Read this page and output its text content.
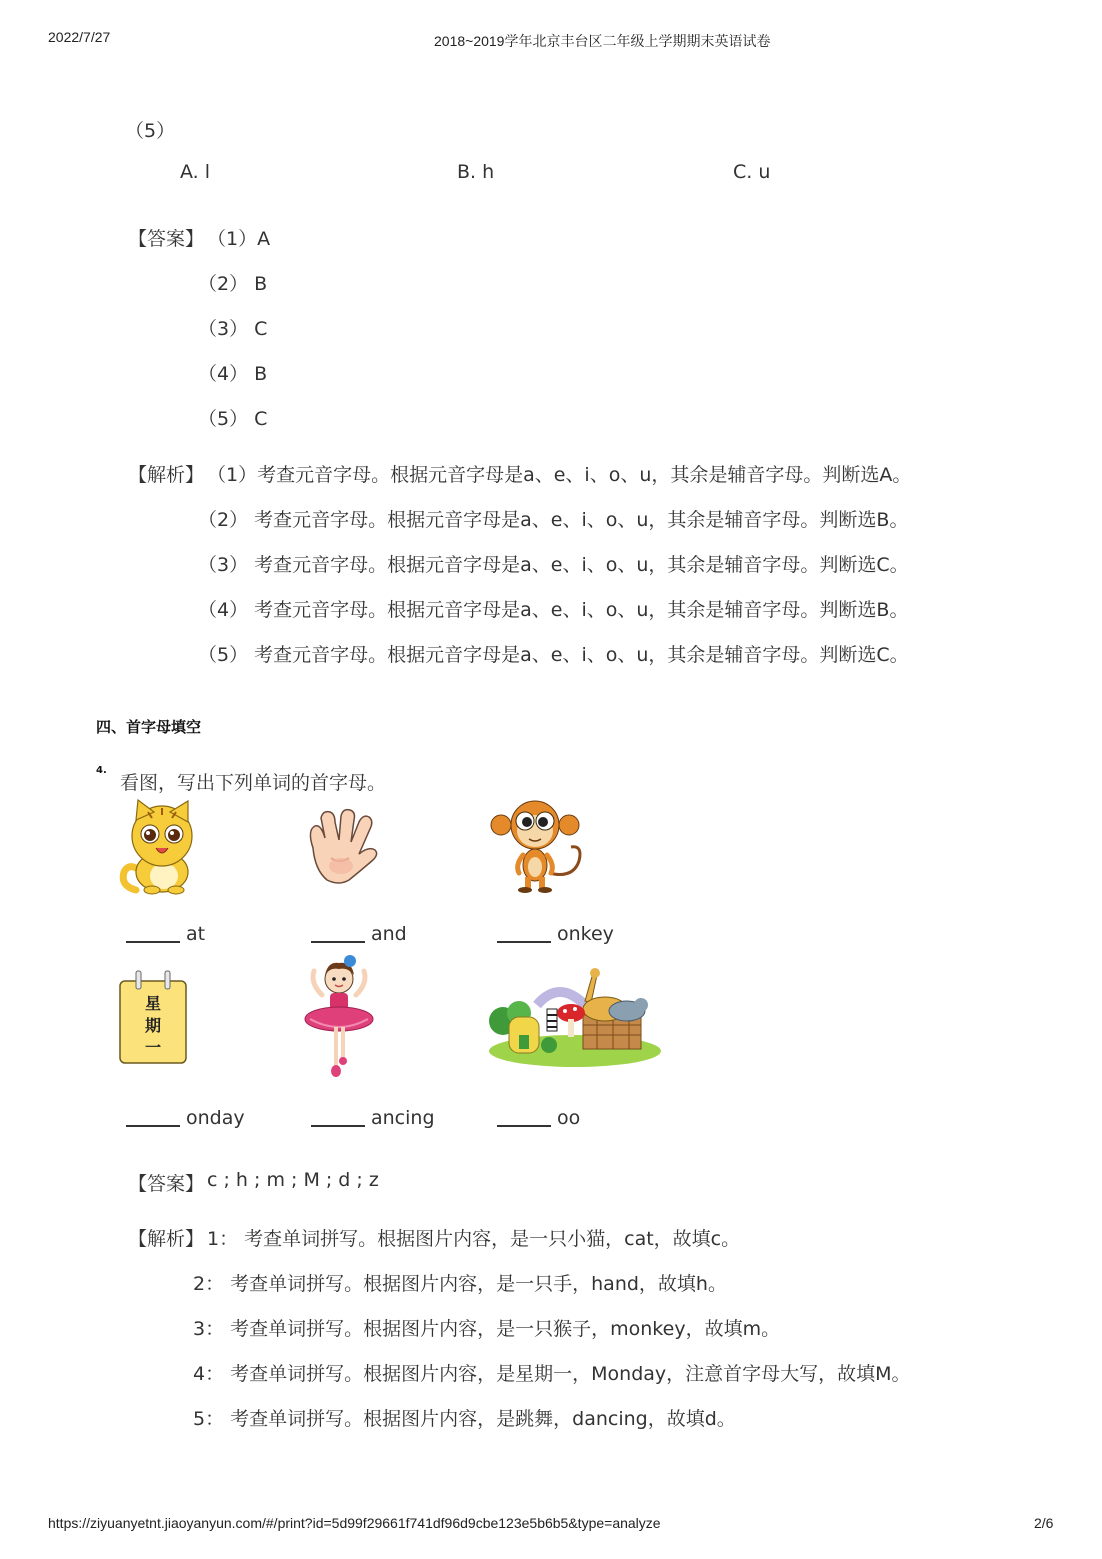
2022/7/27	2018~2019学年北京丰台区二年级上学期期末英语试卷
（5）
A. l	B. h	C. u
【答案】 （1）A
（2） B
（3） C
（4） B
（5） C
【解析】 （1）考查元音字母。根据元音字母是a、e、i、o、u，其余是辅音字母。判断选A。
（2） 考查元音字母。根据元音字母是a、e、i、o、u，其余是辅音字母。判断选B。
（3） 考查元音字母。根据元音字母是a、e、i、o、u，其余是辅音字母。判断选C。
（4） 考查元音字母。根据元音字母是a、e、i、o、u，其余是辅音字母。判断选B。
（5） 考查元音字母。根据元音字母是a、e、i、o、u，其余是辅音字母。判断选C。
四、首字母填空
4.
看图，写出下列单词的首字母。
at	and	onkey
星
期
一
onday	ancing	oo
【答案】 c ; h ; m ; M ; d ; z
【解析】 1： 考查单词拼写。根据图片内容，是一只小猫，cat，故填c。
2： 考查单词拼写。根据图片内容，是一只手，hand，故填h。
3： 考查单词拼写。根据图片内容，是一只猴子，monkey，故填m。
4： 考查单词拼写。根据图片内容，是星期一，Monday，注意首字母大写，故填M。
5： 考查单词拼写。根据图片内容，是跳舞，dancing，故填d。
https://ziyuanyetnt.jiaoyanyun.com/#/print?id=5d99f29661f741df96d9cbe123e5b6b5&type=analyze	2/6
